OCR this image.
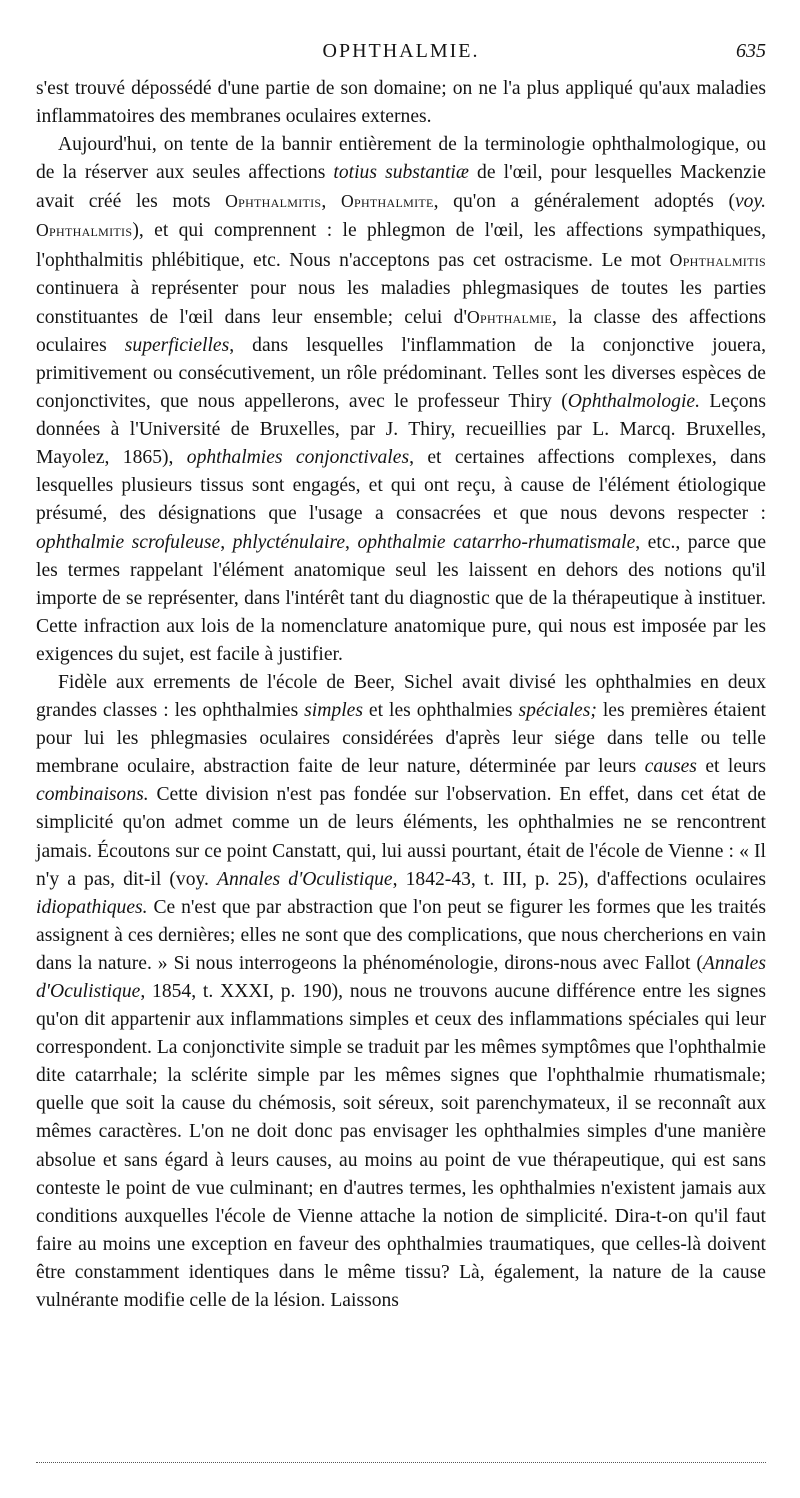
OPHTHALMIE.	635

s'est trouvé dépossédé d'une partie de son domaine; on ne l'a plus appliqué qu'aux maladies inflammatoires des membranes oculaires externes.

Aujourd'hui, on tente de la bannir entièrement de la terminologie ophthalmologique, ou de la réserver aux seules affections totius substantiæ de l'œil, pour lesquelles Mackenzie avait créé les mots Ophthalmitis, Ophthalmite, qu'on a généralement adoptés (voy. Ophthalmitis), et qui comprennent : le phlegmon de l'œil, les affections sympathiques, l'ophthalmitis phlébitique, etc. Nous n'acceptons pas cet ostracisme. Le mot Ophthalmitis continuera à représenter pour nous les maladies phlegmasiques de toutes les parties constituantes de l'œil dans leur ensemble; celui d'Ophthalmie, la classe des affections oculaires superficielles, dans lesquelles l'inflammation de la conjonctive jouera, primitivement ou consécutivement, un rôle prédominant. Telles sont les diverses espèces de conjonctivites, que nous appellerons, avec le professeur Thiry (Ophthalmologie. Leçons données à l'Université de Bruxelles, par J. Thiry, recueillies par L. Marcq. Bruxelles, Mayolez, 1865), ophthalmies conjonctivales, et certaines affections complexes, dans lesquelles plusieurs tissus sont engagés, et qui ont reçu, à cause de l'élément étiologique présumé, des désignations que l'usage a consacrées et que nous devons respecter : ophthalmie scrofuleuse, phlycténulaire, ophthalmie catarrho-rhumatismale, etc., parce que les termes rappelant l'élément anatomique seul les laissent en dehors des notions qu'il importe de se représenter, dans l'intérêt tant du diagnostic que de la thérapeutique à instituer. Cette infraction aux lois de la nomenclature anatomique pure, qui nous est imposée par les exigences du sujet, est facile à justifier.

Fidèle aux errements de l'école de Beer, Sichel avait divisé les ophthalmies en deux grandes classes : les ophthalmies simples et les ophthalmies spéciales; les premières étaient pour lui les phlegmasies oculaires considérées d'après leur siége dans telle ou telle membrane oculaire, abstraction faite de leur nature, déterminée par leurs causes et leurs combinaisons. Cette division n'est pas fondée sur l'observation. En effet, dans cet état de simplicité qu'on admet comme un de leurs éléments, les ophthalmies ne se rencontrent jamais. Écoutons sur ce point Canstatt, qui, lui aussi pourtant, était de l'école de Vienne : « Il n'y a pas, dit-il (voy. Annales d'Oculistique, 1842-43, t. III, p. 25), d'affections oculaires idiopathiques. Ce n'est que par abstraction que l'on peut se figurer les formes que les traités assignent à ces dernières; elles ne sont que des complications, que nous chercherions en vain dans la nature. » Si nous interrogeons la phénoménologie, dirons-nous avec Fallot (Annales d'Oculistique, 1854, t. XXXI, p. 190), nous ne trouvons aucune différence entre les signes qu'on dit appartenir aux inflammations simples et ceux des inflammations spéciales qui leur correspondent. La conjonctivite simple se traduit par les mêmes symptômes que l'ophthalmie dite catarrhale; la sclérite simple par les mêmes signes que l'ophthalmie rhumatismale; quelle que soit la cause du chémosis, soit séreux, soit parenchymateux, il se reconnaît aux mêmes caractères. L'on ne doit donc pas envisager les ophthalmies simples d'une manière absolue et sans égard à leurs causes, au moins au point de vue thérapeutique, qui est sans conteste le point de vue culminant; en d'autres termes, les ophthalmies n'existent jamais aux conditions auxquelles l'école de Vienne attache la notion de simplicité. Dira-t-on qu'il faut faire au moins une exception en faveur des ophthalmies traumatiques, que celles-là doivent être constamment identiques dans le même tissu? Là, également, la nature de la cause vulnérante modifie celle de la lésion. Laissons
